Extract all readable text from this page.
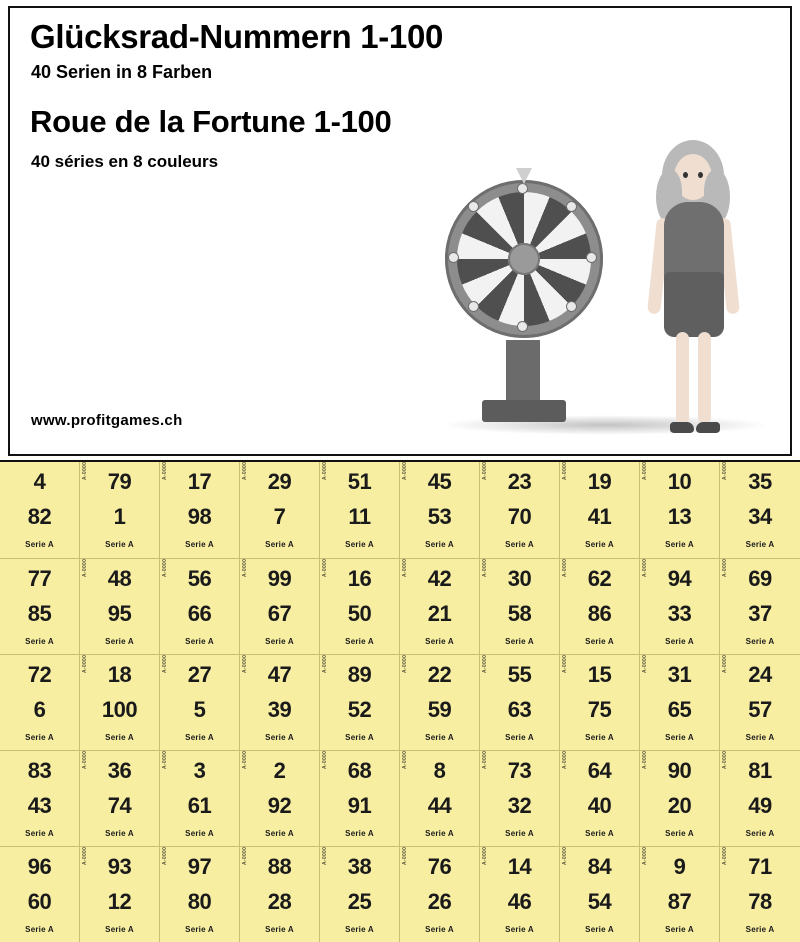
Glücksrad-Nummern 1-100
40 Serien in 8 Farben
Roue de la Fortune 1-100
40 séries en 8 couleurs
www.profitgames.ch
4
82
Serie A
A-0000 79
1
Serie A
A-0000 17
98
Serie A
A-0000 29
7
Serie A
A-0000 51
11
Serie A
A-0000 45
53
Serie A
A-0000 23
70
Serie A
A-0000 19
41
Serie A
A-0000 10
13
Serie A
A-0000 35
34
Serie A
77
85
Serie A
A-0000 48
95
Serie A
A-0000 56
66
Serie A
A-0000 99
67
Serie A
A-0000 16
50
Serie A
A-0000 42
21
Serie A
A-0000 30
58
Serie A
A-0000 62
86
Serie A
A-0000 94
33
Serie A
A-0000 69
37
Serie A
72
6
Serie A
A-0000 18
100
Serie A
A-0000 27
5
Serie A
A-0000 47
39
Serie A
A-0000 89
52
Serie A
A-0000 22
59
Serie A
A-0000 55
63
Serie A
A-0000 15
75
Serie A
A-0000 31
65
Serie A
A-0000 24
57
Serie A
83
43
Serie A
A-0000 36
74
Serie A
A-0000 3
61
Serie A
A-0000 2
92
Serie A
A-0000 68
91
Serie A
A-0000 8
44
Serie A
A-0000 73
32
Serie A
A-0000 64
40
Serie A
A-0000 90
20
Serie A
A-0000 81
49
Serie A
96
60
Serie A
A-0000 93
12
Serie A
A-0000 97
80
Serie A
A-0000 88
28
Serie A
A-0000 38
25
Serie A
A-0000 76
26
Serie A
A-0000 14
46
Serie A
A-0000 84
54
Serie A
A-0000 9
87
Serie A
A-0000 71
78
Serie A
